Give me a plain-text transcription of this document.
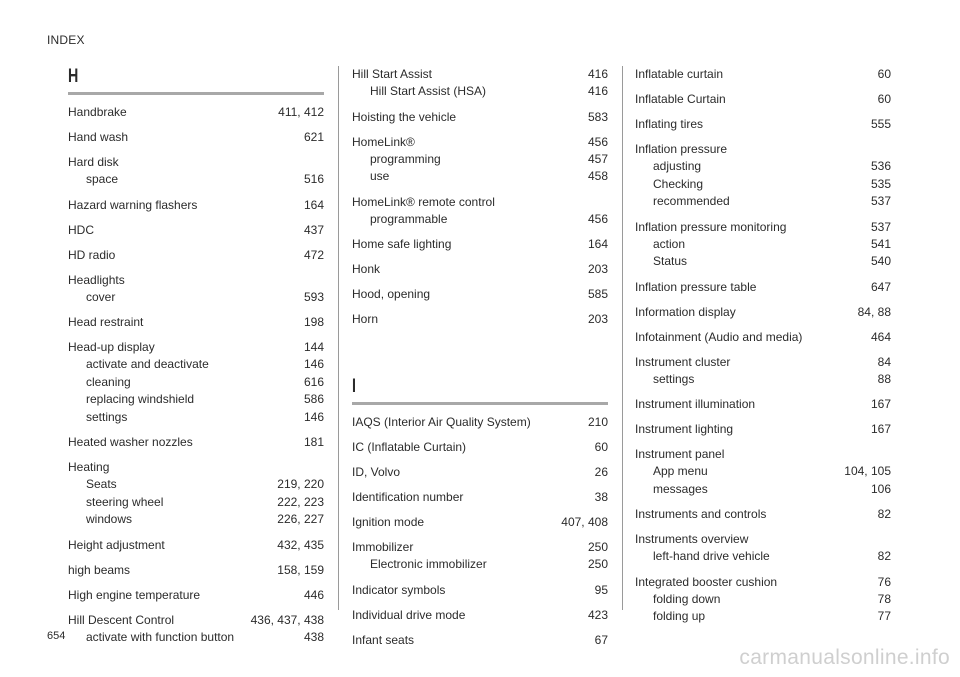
INDEX
H
Handbrake	411, 412
Hand wash	621
Hard disk
space	516
Hazard warning flashers	164
HDC	437
HD radio	472
Headlights
cover	593
Head restraint	198
Head-up display	144
activate and deactivate	146
cleaning	616
replacing windshield	586
settings	146
Heated washer nozzles	181
Heating
Seats	219, 220
steering wheel	222, 223
windows	226, 227
Height adjustment	432, 435
high beams	158, 159
High engine temperature	446
Hill Descent Control	436, 437, 438
activate with function button	438
Hill Start Assist	416
Hill Start Assist (HSA)	416
Hoisting the vehicle	583
HomeLink®	456
programming	457
use	458
HomeLink® remote control
programmable	456
Home safe lighting	164
Honk	203
Hood, opening	585
Horn	203
I
IAQS (Interior Air Quality System)	210
IC (Inflatable Curtain)	60
ID, Volvo	26
Identification number	38
Ignition mode	407, 408
Immobilizer	250
Electronic immobilizer	250
Indicator symbols	95
Individual drive mode	423
Infant seats	67
Inflatable curtain	60
Inflatable Curtain	60
Inflating tires	555
Inflation pressure
adjusting	536
Checking	535
recommended	537
Inflation pressure monitoring	537
action	541
Status	540
Inflation pressure table	647
Information display	84, 88
Infotainment (Audio and media)	464
Instrument cluster	84
settings	88
Instrument illumination	167
Instrument lighting	167
Instrument panel
App menu	104, 105
messages	106
Instruments and controls	82
Instruments overview
left-hand drive vehicle	82
Integrated booster cushion	76
folding down	78
folding up	77
654
carmanualsonline.info
